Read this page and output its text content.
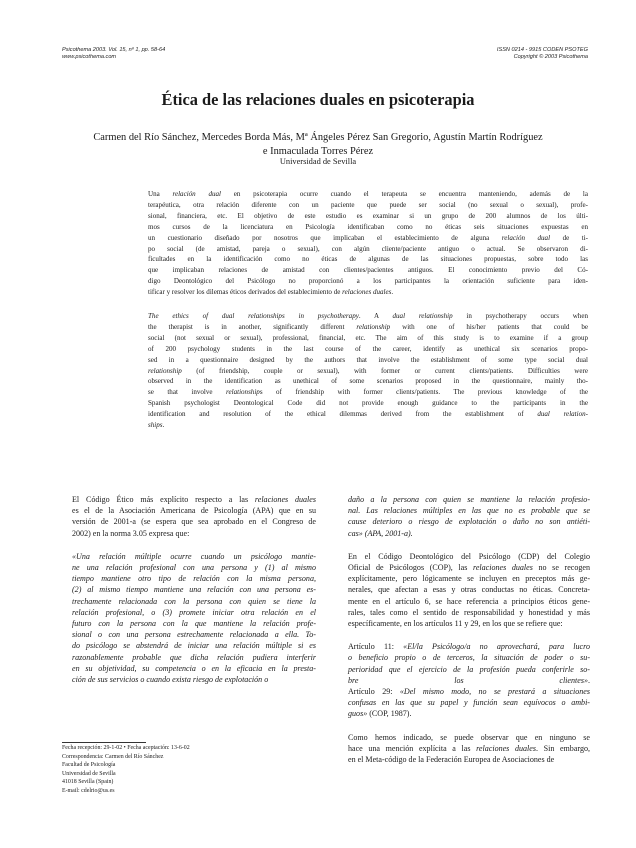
Psicothema 2003. Vol. 15, nº 1, pp. 58-64
www.psicothema.com
ISSN 0214 - 9915 CODEN PSOTEG
Copyright © 2003 Psicothema
Ética de las relaciones duales en psicoterapia
Carmen del Río Sánchez, Mercedes Borda Más, Mª Ángeles Pérez San Gregorio, Agustín Martín Rodríguez
e Inmaculada Torres Pérez
Universidad de Sevilla
Una relación dual en psicoterapia ocurre cuando el terapeuta se encuentra manteniendo, además de la
terapéutica, otra relación diferente con un paciente que puede ser social (no sexual o sexual), profe-
sional, financiera, etc. El objetivo de este estudio es examinar si un grupo de 200 alumnos de los últi-
mos cursos de la licenciatura en Psicología identificaban como no éticas seis situaciones expuestas en
un cuestionario diseñado por nosotros que implicaban el establecimiento de alguna relación dual de ti-
po social (de amistad, pareja o sexual), con algún cliente/paciente antiguo o actual. Se observaron di-
ficultades en la identificación como no éticas de algunas de las situaciones propuestas, sobre todo las
que implicaban relaciones de amistad con clientes/pacientes antiguos. El conocimiento previo del Có-
digo Deontológico del Psicólogo no proporcionó a los participantes la orientación suficiente para iden-
tificar y resolver los dilemas éticos derivados del establecimiento de relaciones duales.
The ethics of dual relationships in psychotherapy. A dual relationship in psychotherapy occurs when
the therapist is in another, significantly different relationship with one of his/her patients that could be
social (not sexual or sexual), professional, financial, etc. The aim of this study is to examine if a group
of 200 psychology students in the last course of the career, identify as unethical six scenarios propo-
sed in a questionnaire designed by the authors that involve the establishment of some type social dual
relationship (of friendship, couple or sexual), with former or current clients/patients. Difficulties were
observed in the identification as unethical of some scenarios proposed in the questionnaire, mainly tho-
se that involve relationships of friendship with former clients/patients. The previous knowledge of the
Spanish psychologist Deontological Code did not provide enough guidance to the participants in the
identification and resolution of the ethical dilemmas derived from the establishment of dual relation-
ships.
El Código Ético más explícito respecto a las relaciones duales
es el de la Asociación Americana de Psicología (APA) que en su
versión de 2001-a (se espera que sea aprobado en el Congreso de
2002) en la norma 3.05 expresa que:
«Una relación múltiple ocurre cuando un psicólogo mantie-
ne una relación profesional con una persona y (1) al mismo
tiempo mantiene otro tipo de relación con la misma persona,
(2) al mismo tiempo mantiene una relación con una persona es-
trechamente relacionada con la persona con quien se tiene la
relación profesional, o (3) promete iniciar otra relación en el
futuro con la persona con la que mantiene la relación profe-
sional o con una persona estrechamente relacionada a ella. To-
do psicólogo se abstendrá de iniciar una relación múltiple si es
razonablemente probable que dicha relación pudiera interferir
en su objetividad, su competencia o en la eficacia en la presta-
ción de sus servicios o cuando exista riesgo de explotación o
daño a la persona con quien se mantiene la relación profesio-
nal. Las relaciones múltiples en las que no es probable que se
cause deterioro o riesgo de explotación o daño no son antiéti-
cas» (APA, 2001-a).
En el Código Deontológico del Psicólogo (CDP) del Colegio
Oficial de Psicólogos (COP), las relaciones duales no se recogen
explícitamente, pero lógicamente se incluyen en preceptos más ge-
nerales, que afectan a esas y otras conductas no éticas. Concreta-
mente en el artículo 6, se hace referencia a principios éticos gene-
rales, tales como el sentido de responsabilidad y honestidad y más
específicamente, en los artículos 11 y 29, en los que se refiere que:
Artículo 11: «El/la Psicólogo/a no aprovechará, para lucro
o beneficio propio o de terceros, la situación de poder o su-
perioridad que el ejercicio de la profesión pueda conferirle so-
bre los clientes».
Artículo 29: «Del mismo modo, no se prestará a situaciones
confusas en las que su papel y función sean equívocos o ambi-
guos» (COP, 1987).
Como hemos indicado, se puede observar que en ninguno se
hace una mención explícita a las relaciones duales. Sin embargo,
en el Meta-código de la Federación Europea de Asociaciones de
Fecha recepción: 29-1-02 • Fecha aceptación: 13-6-02
Correspondencia: Carmen del Río Sánchez
Facultad de Psicología
Universidad de Sevilla
41018 Sevilla (Spain)
E-mail: cdelrio@us.es
